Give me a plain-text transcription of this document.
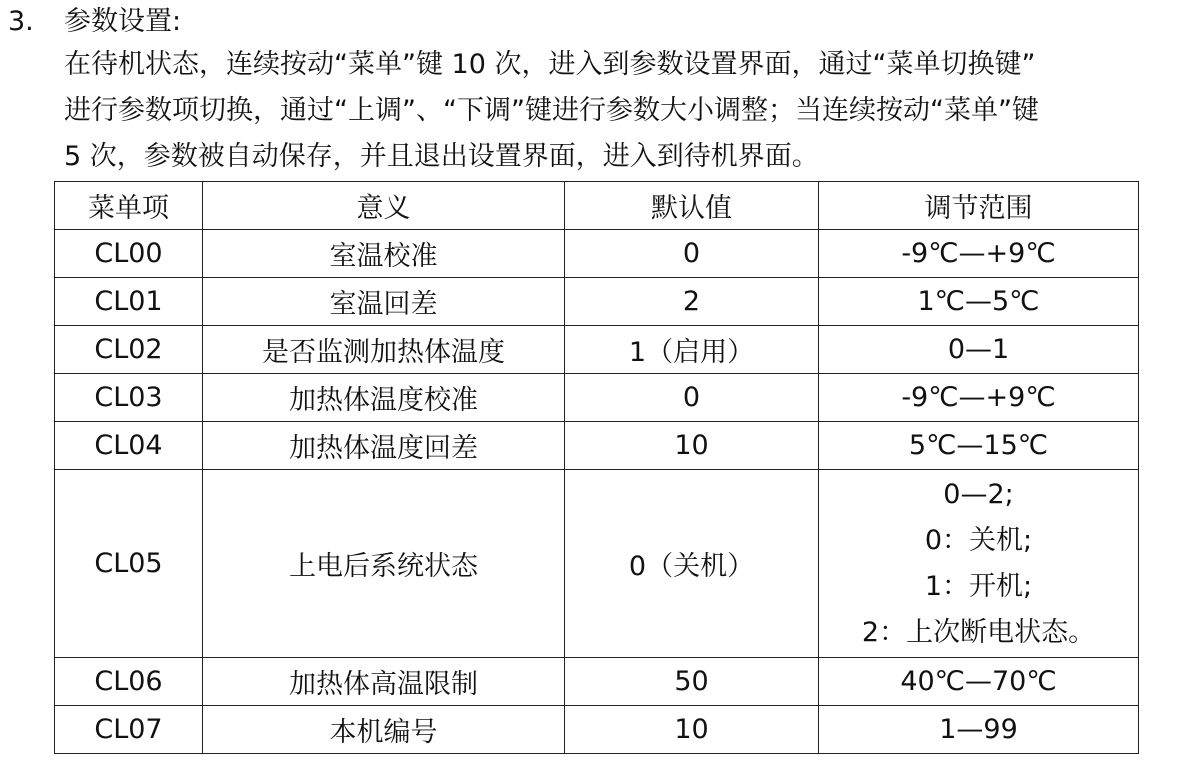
3. 参数设置:
在待机状态，连续按动“菜单”键 10 次，进入到参数设置界面，通过“菜单切换键”
进行参数项切换，通过“上调”、“下调”键进行参数大小调整；当连续按动“菜单”键
5 次，参数被自动保存，并且退出设置界面，进入到待机界面。
菜单项	意义	默认值	调节范围
CL00	室温校准	0	-9℃—+9℃
CL01	室温回差	2	1℃—5℃
CL02	是否监测加热体温度	1（启用）	0—1
CL03	加热体温度校准	0	-9℃—+9℃
CL04	加热体温度回差	10	5℃—15℃
CL05	上电后系统状态	0（关机）	0—2;
0：关机;
1：开机;
2：上次断电状态。

CL06	加热体高温限制	50	40℃—70℃
CL07	本机编号	10	1—99
